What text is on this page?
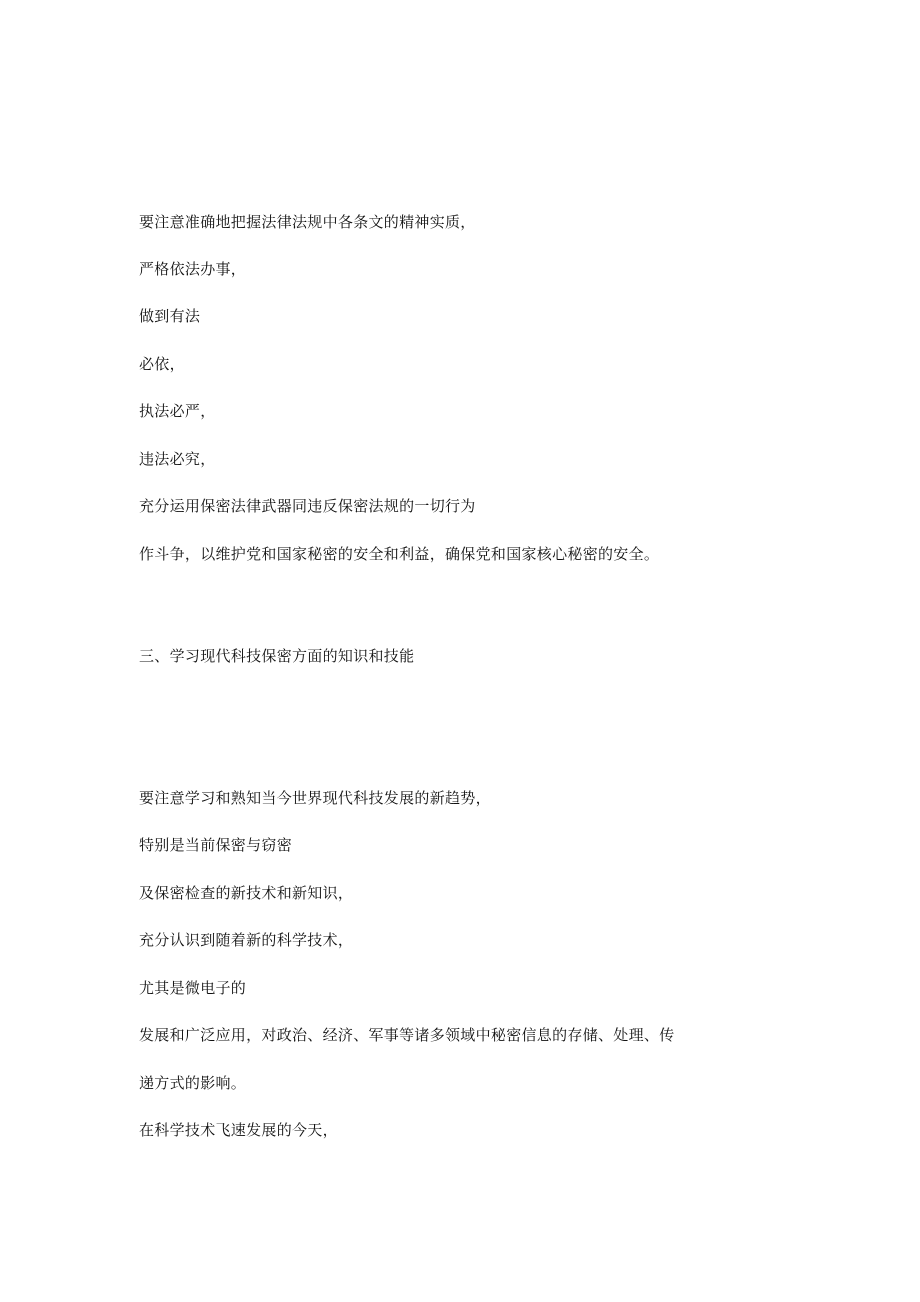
要注意准确地把握法律法规中各条文的精神实质，
严格依法办事，
做到有法
必依，
执法必严，
违法必究，
充分运用保密法律武器同违反保密法规的一切行为
作斗争，以维护党和国家秘密的安全和利益，确保党和国家核心秘密的安全。
三、学习现代科技保密方面的知识和技能
要注意学习和熟知当今世界现代科技发展的新趋势，
特别是当前保密与窃密
及保密检查的新技术和新知识，
充分认识到随着新的科学技术，
尤其是微电子的
发展和广泛应用，对政治、经济、军事等诸多领域中秘密信息的存储、处理、传
递方式的影响。
在科学技术飞速发展的今天，
